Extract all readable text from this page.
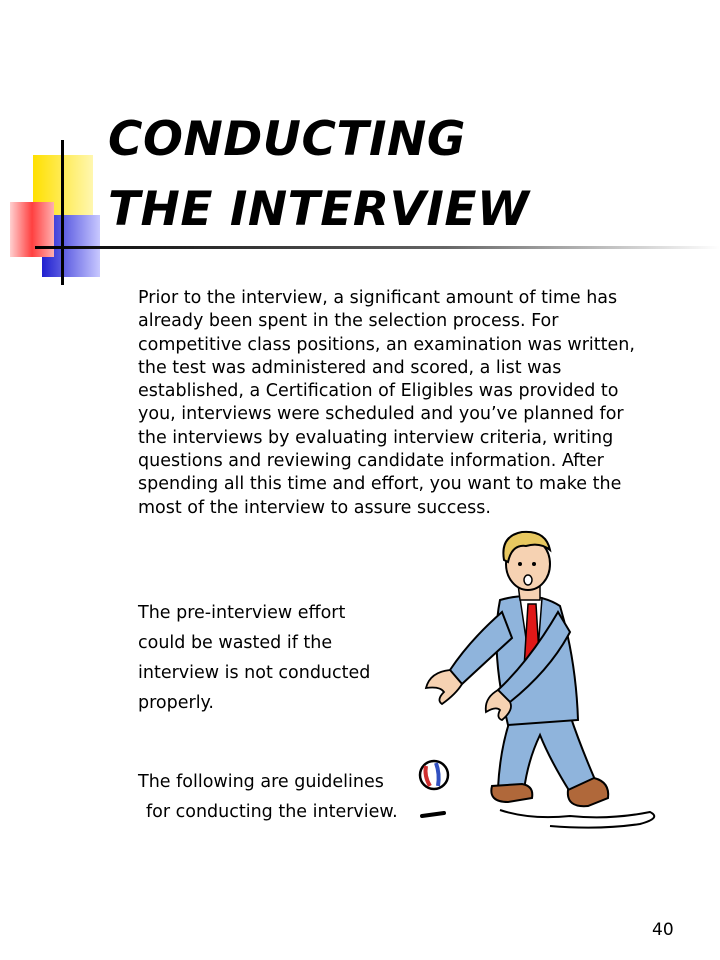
CONDUCTING
THE INTERVIEW

Prior to the interview, a significant amount of time has already been spent in the selection process. For competitive class positions, an examination was written, the test was administered and scored, a list was established, a Certification of Eligibles was provided to you, interviews were scheduled and you’ve planned for the interviews by evaluating interview criteria, writing questions and reviewing candidate information. After spending all this time and effort, you want to make the most of the interview to assure success.

The pre-interview effort
could be wasted if the
interview is not conducted
properly.

The following are guidelines
for conducting the interview.

40
